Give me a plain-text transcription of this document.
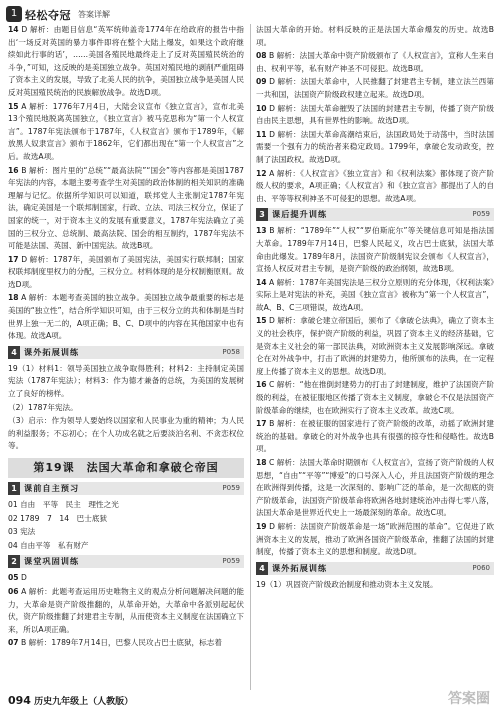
1 轻松夺冠 答案详解
14 D 解析：由题目信息“英军统帅盖奇1774年在给政府的报告中指出‘一场反对英国的暴力事件即将在整个大陆上爆发，如果这个政府继续如此行事的话’，……美国各殖民地最终走上了反对英国殖民统治的斗争，”可知，这反映的是美国独立战争。英国对殖民地的剥削严重阻碍了资本主义的发展，导致了北美人民的抗争，美国独立战争是美国人民反对英国殖民统治的民族解放战争。故选D项。
15 A 解析：1776年7月4日，大陆会议宣布《独立宣言》，宣布北美13个殖民地脱离英国独立，《独立宣言》被马克思称为“第一个人权宣言”。1787年宪法颁布于1787年，《人权宣言》颁布于1789年，《解放黑人奴隶宣言》颁布于1862年，它们都出现在“第一个人权宣言”之后。故选A项。
16 B 解析：图片里的“总统”“最高法院”“国会”等内容都是美国1787年宪法的内容，本题主要考查学生对美国的政治体制的相关知识的准确理解与记忆。依据所学知识可以知道，联邦党人主张制定1787年宪法，确定美国是一个联邦制国家，行政、立法、司法三权分立，保证了国家的统一，对于资本主义的发展有重要意义，1787年宪法确立了美国的三权分立、总统制、最高法院、国会的相互制约，1787年宪法不可能是法国、英国、新中国宪法。故选B项。
17 D 解析：1787年，美国颁布了美国宪法，美国实行联邦制；国家权联邦制度里权力的分配，三权分立。材料体现的是分权制衡原则。故选D项。
18 A 解析：本题考查美国的独立战争。美国独立战争最重要的标志是美国的“独立性”，结合所学知识可知，由于三权分立的共和体制是当时世界上独一无二的，A项正确；B、C、D项中的内容在其他国家中也有体现。故选A项。
4 课外拓展训练	P058
19（1）材料1：领导美国独立战争取得胜利；材料2：主持制定美国宪法（1787年宪法）；材料3：作为德才兼备的总统，为美国的发展树立了良好的榜样。
（2）1787年宪法。
（3）启示：作为领导人要始终以国家和人民事业为重的精神；为人民的利益服务；不忘初心；在个人功成名就之后要淡泊名利、不贪恋权位等。
第19课　法国大革命和拿破仑帝国
1 课前自主预习	P059
01 自由　平等　民主　理性之光
02 1789　7　14　巴士底狱
03 宪法
04 自由平等　私有财产
2 课堂巩固训练	P059
05 D
06 A 解析：此题考查运用历史唯物主义的观点分析问题解决问题的能力，大革命是资产阶级推翻的，从革命开始，大革命中各派别起起伏伏，资产阶级推翻了封建君主专制，从而使资本主义制度在法国确立下来，所以A项正确。
07 B 解析：1789年7月14日，巴黎人民攻占巴士底狱，标志着
法国大革命的开始。材料反映的正是法国大革命爆发的历史。故选B项。
08 B 解析：法国大革命中资产阶级颁布了《人权宣言》，宣称人生来自由、权利平等，私有财产神圣不可侵犯。故选B项。
09 D 解析：法国大革命中，人民推翻了封建君主专制，建立法兰西第一共和国，法国资产阶级政权建立起来。故选D项。
10 D 解析：法国大革命摧毁了法国的封建君主专制，传播了资产阶级自由民主思想，具有世界性的影响。故选D项。
11 D 解析：法国大革命高潮结束后，法国政局处于动荡中，当时法国需要一个强有力的统治者来稳定政局。1799年，拿破仑发动政变，控制了法国政权。故选D项。
12 A 解析：《人权宣言》《独立宣言》和《权利法案》都体现了资产阶级人权的要求，A项正确；《人权宣言》和《独立宣言》都提出了人的自由、平等等权利神圣不可侵犯的思想。故选A项。
3 课后提升训练	P059
13 B 解析：“1789年”“人权”“罗伯斯庇尔”等关键信息可知是指法国大革命。1789年7月14日，巴黎人民起义，攻占巴士底狱，法国大革命由此爆发。1789年8月，法国资产阶级制宪议会颁布《人权宣言》，宣扬人权反对君主专制，是资产阶级的政治纲领，故选B项。
14 A 解析：1787年美国宪法是三权分立原则的充分体现，《权利法案》实际上是对宪法的补充，美国《独立宣言》被称为“第一个人权宣言”，故A、B、C三项错误，故选A项。
15 D 解析：拿破仑建立帝国后，颁布了《拿破仑法典》，确立了资本主义的社会秩序，保护资产阶级的利益，巩固了资本主义的经济基础，它是资本主义社会的第一部民法典，对欧洲资本主义发展影响深远。拿破仑在对外战争中，打击了欧洲的封建势力，他所颁布的法典，在一定程度上传播了资本主义的思想。故选D项。
16 C 解析：“他在推倒封建势力的打击了封建制度，维护了法国资产阶级的利益，在被征服地区传播了资本主义制度，拿破仑不仅是法国资产阶级革命的继续，也在欧洲实行了资本主义改革。故选C项。
17 B 解析：在被征服的国家进行了资产阶级的改革，动摇了欧洲封建统治的基础。拿破仑的对外战争也具有很强的掠夺性和侵略性。故选B项。
18 C 解析：法国大革命时期颁布《人权宣言》，宣扬了资产阶级的人权思想，“自由”“平等”“博爱”的口号深入人心，并且法国资产阶级的理念在欧洲得到传播，这是一次深刻的、影响广泛的革命，是一次彻底的资产阶级革命，法国资产阶级革命将欧洲各地封建统治冲击得七零八落，法国大革命是世界近代史上一场最深刻的革命。故选C项。
19 D 解析：法国资产阶级革命是一场“欧洲范围的革命”。它促进了欧洲资本主义的发展，推动了欧洲各国资产阶级革命，推翻了法国的封建制度，传播了资本主义的思想和制度。故选D项。
4 课外拓展训练	P060
19（1）巩固资产阶级政治制度和推动资本主义发展。
094 历史九年级上（人教版）	答案圈
